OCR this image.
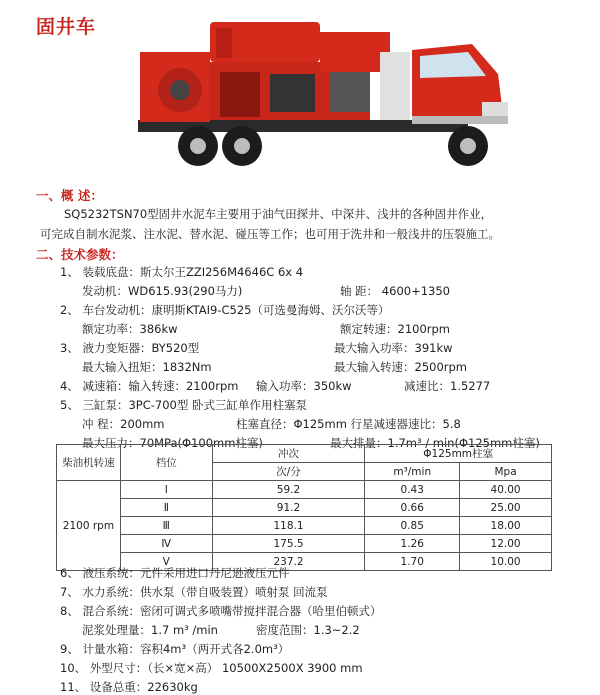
固井车
一、概 述：
SQ5232TSN70型固井水泥车主要用于油气田探井、中深井、浅井的各种固井作业，
可完成自制水泥浆、注水泥、替水泥、碰压等工作；也可用于洗井和一般浅井的压裂施工。
二、技术参数：
1、 装载底盘：斯太尔王ZZI256M4646C 6x 4
发动机：WD615.93(290马力)	轴 距： 4600+1350
2、 车台发动机：康明斯KTAI9-C525（可选曼海姆、沃尔沃等）
额定功率：386kw	额定转速：2100rpm
3、 液力变矩器：BY520型	最大输入功率：391kw
最大输入扭矩：1832Nm	最大输入转速：2500rpm
4、 减速箱：输入转速：2100rpm 输入功率：350kw	减速比：1.5277
5、 三缸泵：3PC-700型 卧式三缸单作用柱塞泵
冲 程：200mm	柱塞直径：Φ125mm 行星减速器速比：5.8
最大压力：70MPa(Φ100mm柱塞)	最大排量：1.7m³ / min(Φ125mm柱塞)
柴油机转速	档位	冲次	Φ125mm柱塞	
		次/分	m³/min	Mpa
2100 rpm	I	59.2	0.43	40.00
	Ⅱ	91.2	0.66	25.00
	Ⅲ	118.1	0.85	18.00
	Ⅳ	175.5	1.26	12.00
	Ⅴ	237.2	1.70	10.00
6、 液压系统：元件采用进口丹尼逊液压元件
7、 水力系统：供水泵（带自吸装置）喷射泵 回流泵
8、 混合系统：密闭可调式多喷嘴带搅拌混合器（哈里伯顿式）
泥浆处理量：1.7 m³ /min	密度范围：1.3~2.2
9、 计量水箱：容积4m³（两开式各2.0m³）
10、 外型尺寸：（长×宽×高） 10500X2500X 3900 mm
11、 设备总重：22630kg
